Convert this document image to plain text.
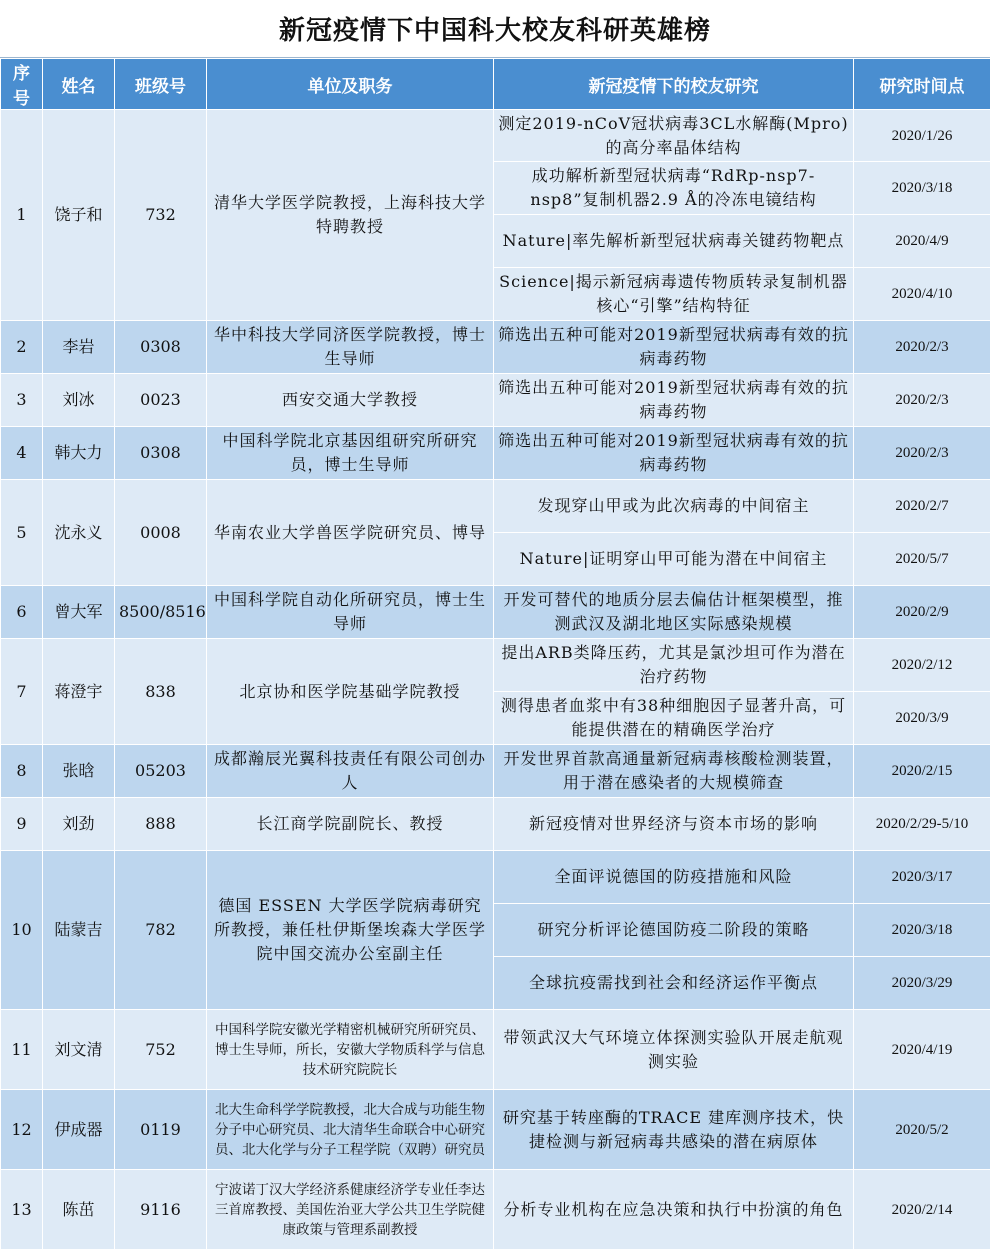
新冠疫情下中国科大校友科研英雄榜
序号	姓名	班级号	单位及职务	新冠疫情下的校友研究	研究时间点
1	饶子和	732	清华大学医学院教授，上海科技大学特聘教授	测定2019-nCoV冠状病毒3CL水解酶(Mpro)的高分率晶体结构	2020/1/26
				成功解析新型冠状病毒“RdRp-nsp7-nsp8”复制机器2.9 Å的冷冻电镜结构	2020/3/18
				Nature|率先解析新型冠状病毒关键药物靶点	2020/4/9
				Science|揭示新冠病毒遗传物质转录复制机器核心“引擎”结构特征	2020/4/10
2	李岩	0308	华中科技大学同济医学院教授，博士生导师	筛选出五种可能对2019新型冠状病毒有效的抗病毒药物	2020/2/3
3	刘冰	0023	西安交通大学教授	筛选出五种可能对2019新型冠状病毒有效的抗病毒药物	2020/2/3
4	韩大力	0308	中国科学院北京基因组研究所研究员，博士生导师	筛选出五种可能对2019新型冠状病毒有效的抗病毒药物	2020/2/3
5	沈永义	0008	华南农业大学兽医学院研究员、博导	发现穿山甲或为此次病毒的中间宿主	2020/2/7
				Nature|证明穿山甲可能为潜在中间宿主	2020/5/7
6	曾大军	8500/8516	中国科学院自动化所研究员，博士生导师	开发可替代的地质分层去偏估计框架模型，推测武汉及湖北地区实际感染规模	2020/2/9
7	蒋澄宇	838	北京协和医学院基础学院教授	提出ARB类降压药，尤其是氯沙坦可作为潜在治疗药物	2020/2/12
				测得患者血浆中有38种细胞因子显著升高，可能提供潜在的精确医学治疗	2020/3/9
8	张晗	05203	成都瀚辰光翼科技责任有限公司创办人	开发世界首款高通量新冠病毒核酸检测装置，用于潜在感染者的大规模筛查	2020/2/15
9	刘劲	888	长江商学院副院长、教授	新冠疫情对世界经济与资本市场的影响	2020/2/29-5/10
10	陆蒙吉	782	德国 ESSEN 大学医学院病毒研究所教授，兼任杜伊斯堡埃森大学医学院中国交流办公室副主任	全面评说德国的防疫措施和风险	2020/3/17
				研究分析评论德国防疫二阶段的策略	2020/3/18
				全球抗疫需找到社会和经济运作平衡点	2020/3/29
11	刘文清	752	中国科学院安徽光学精密机械研究所研究员、博士生导师，所长，安徽大学物质科学与信息技术研究院院长	带领武汉大气环境立体探测实验队开展走航观测实验	2020/4/19
12	伊成器	0119	北大生命科学学院教授，北大合成与功能生物分子中心研究员、北大清华生命联合中心研究员、北大化学与分子工程学院（双聘）研究员	研究基于转座酶的TRACE 建库测序技术，快捷检测与新冠病毒共感染的潜在病原体	2020/5/2
13	陈茁	9116	宁波诺丁汉大学经济系健康经济学专业任李达三首席教授、美国佐治亚大学公共卫生学院健康政策与管理系副教授	分析专业机构在应急决策和执行中扮演的角色	2020/2/14
